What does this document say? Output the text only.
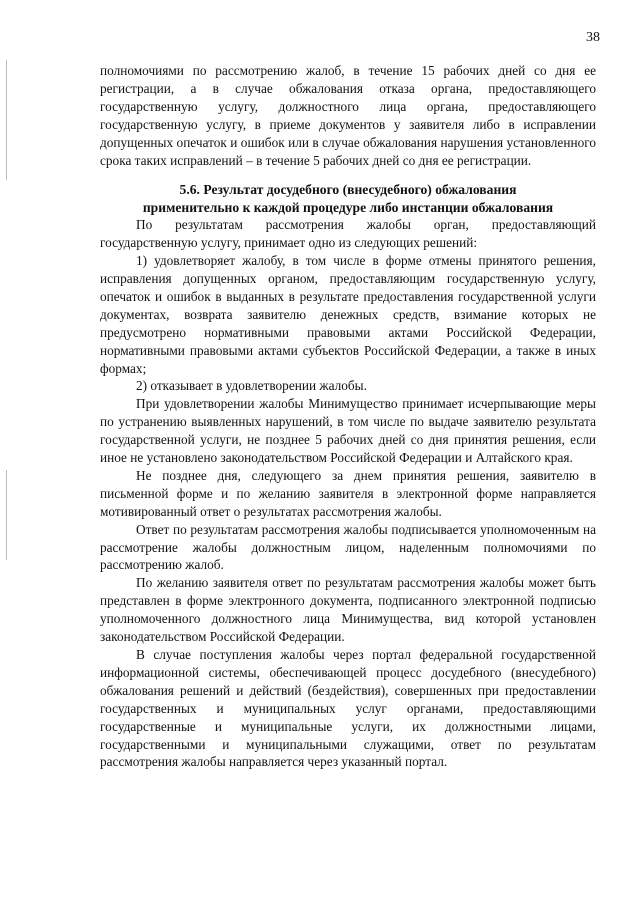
38

полномочиями по рассмотрению жалоб, в течение 15 рабочих дней со дня ее регистрации, а в случае обжалования отказа органа, предоставляющего государственную услугу, должностного лица органа, предоставляющего государственную услугу, в приеме документов у заявителя либо в исправлении допущенных опечаток и ошибок или в случае обжалования нарушения установленного срока таких исправлений – в течение 5 рабочих дней со дня ее регистрации.

5.6. Результат досудебного (внесудебного) обжалования
применительно к каждой процедуре либо инстанции обжалования

По результатам рассмотрения жалобы орган, предоставляющий государственную услугу, принимает одно из следующих решений:

1) удовлетворяет жалобу, в том числе в форме отмены принятого решения, исправления допущенных органом, предоставляющим государственную услугу, опечаток и ошибок в выданных в результате предоставления государственной услуги документах, возврата заявителю денежных средств, взимание которых не предусмотрено нормативными правовыми актами Российской Федерации, нормативными правовыми актами субъектов Российской Федерации, а также в иных формах;

2) отказывает в удовлетворении жалобы.

При удовлетворении жалобы Минимущество принимает исчерпывающие меры по устранению выявленных нарушений, в том числе по выдаче заявителю результата государственной услуги, не позднее 5 рабочих дней со дня принятия решения, если иное не установлено законодательством Российской Федерации и Алтайского края.

Не позднее дня, следующего за днем принятия решения, заявителю в письменной форме и по желанию заявителя в электронной форме направляется мотивированный ответ о результатах рассмотрения жалобы.

Ответ по результатам рассмотрения жалобы подписывается уполномоченным на рассмотрение жалобы должностным лицом, наделенным полномочиями по рассмотрению жалоб.

По желанию заявителя ответ по результатам рассмотрения жалобы может быть представлен в форме электронного документа, подписанного электронной подписью уполномоченного должностного лица Минимущества, вид которой установлен законодательством Российской Федерации.

В случае поступления жалобы через портал федеральной государственной информационной системы, обеспечивающей процесс досудебного (внесудебного) обжалования решений и действий (бездействия), совершенных при предоставлении государственных и муниципальных услуг органами, предоставляющими государственные и муниципальные услуги, их должностными лицами, государственными и муниципальными служащими, ответ по результатам рассмотрения жалобы направляется через указанный портал.
